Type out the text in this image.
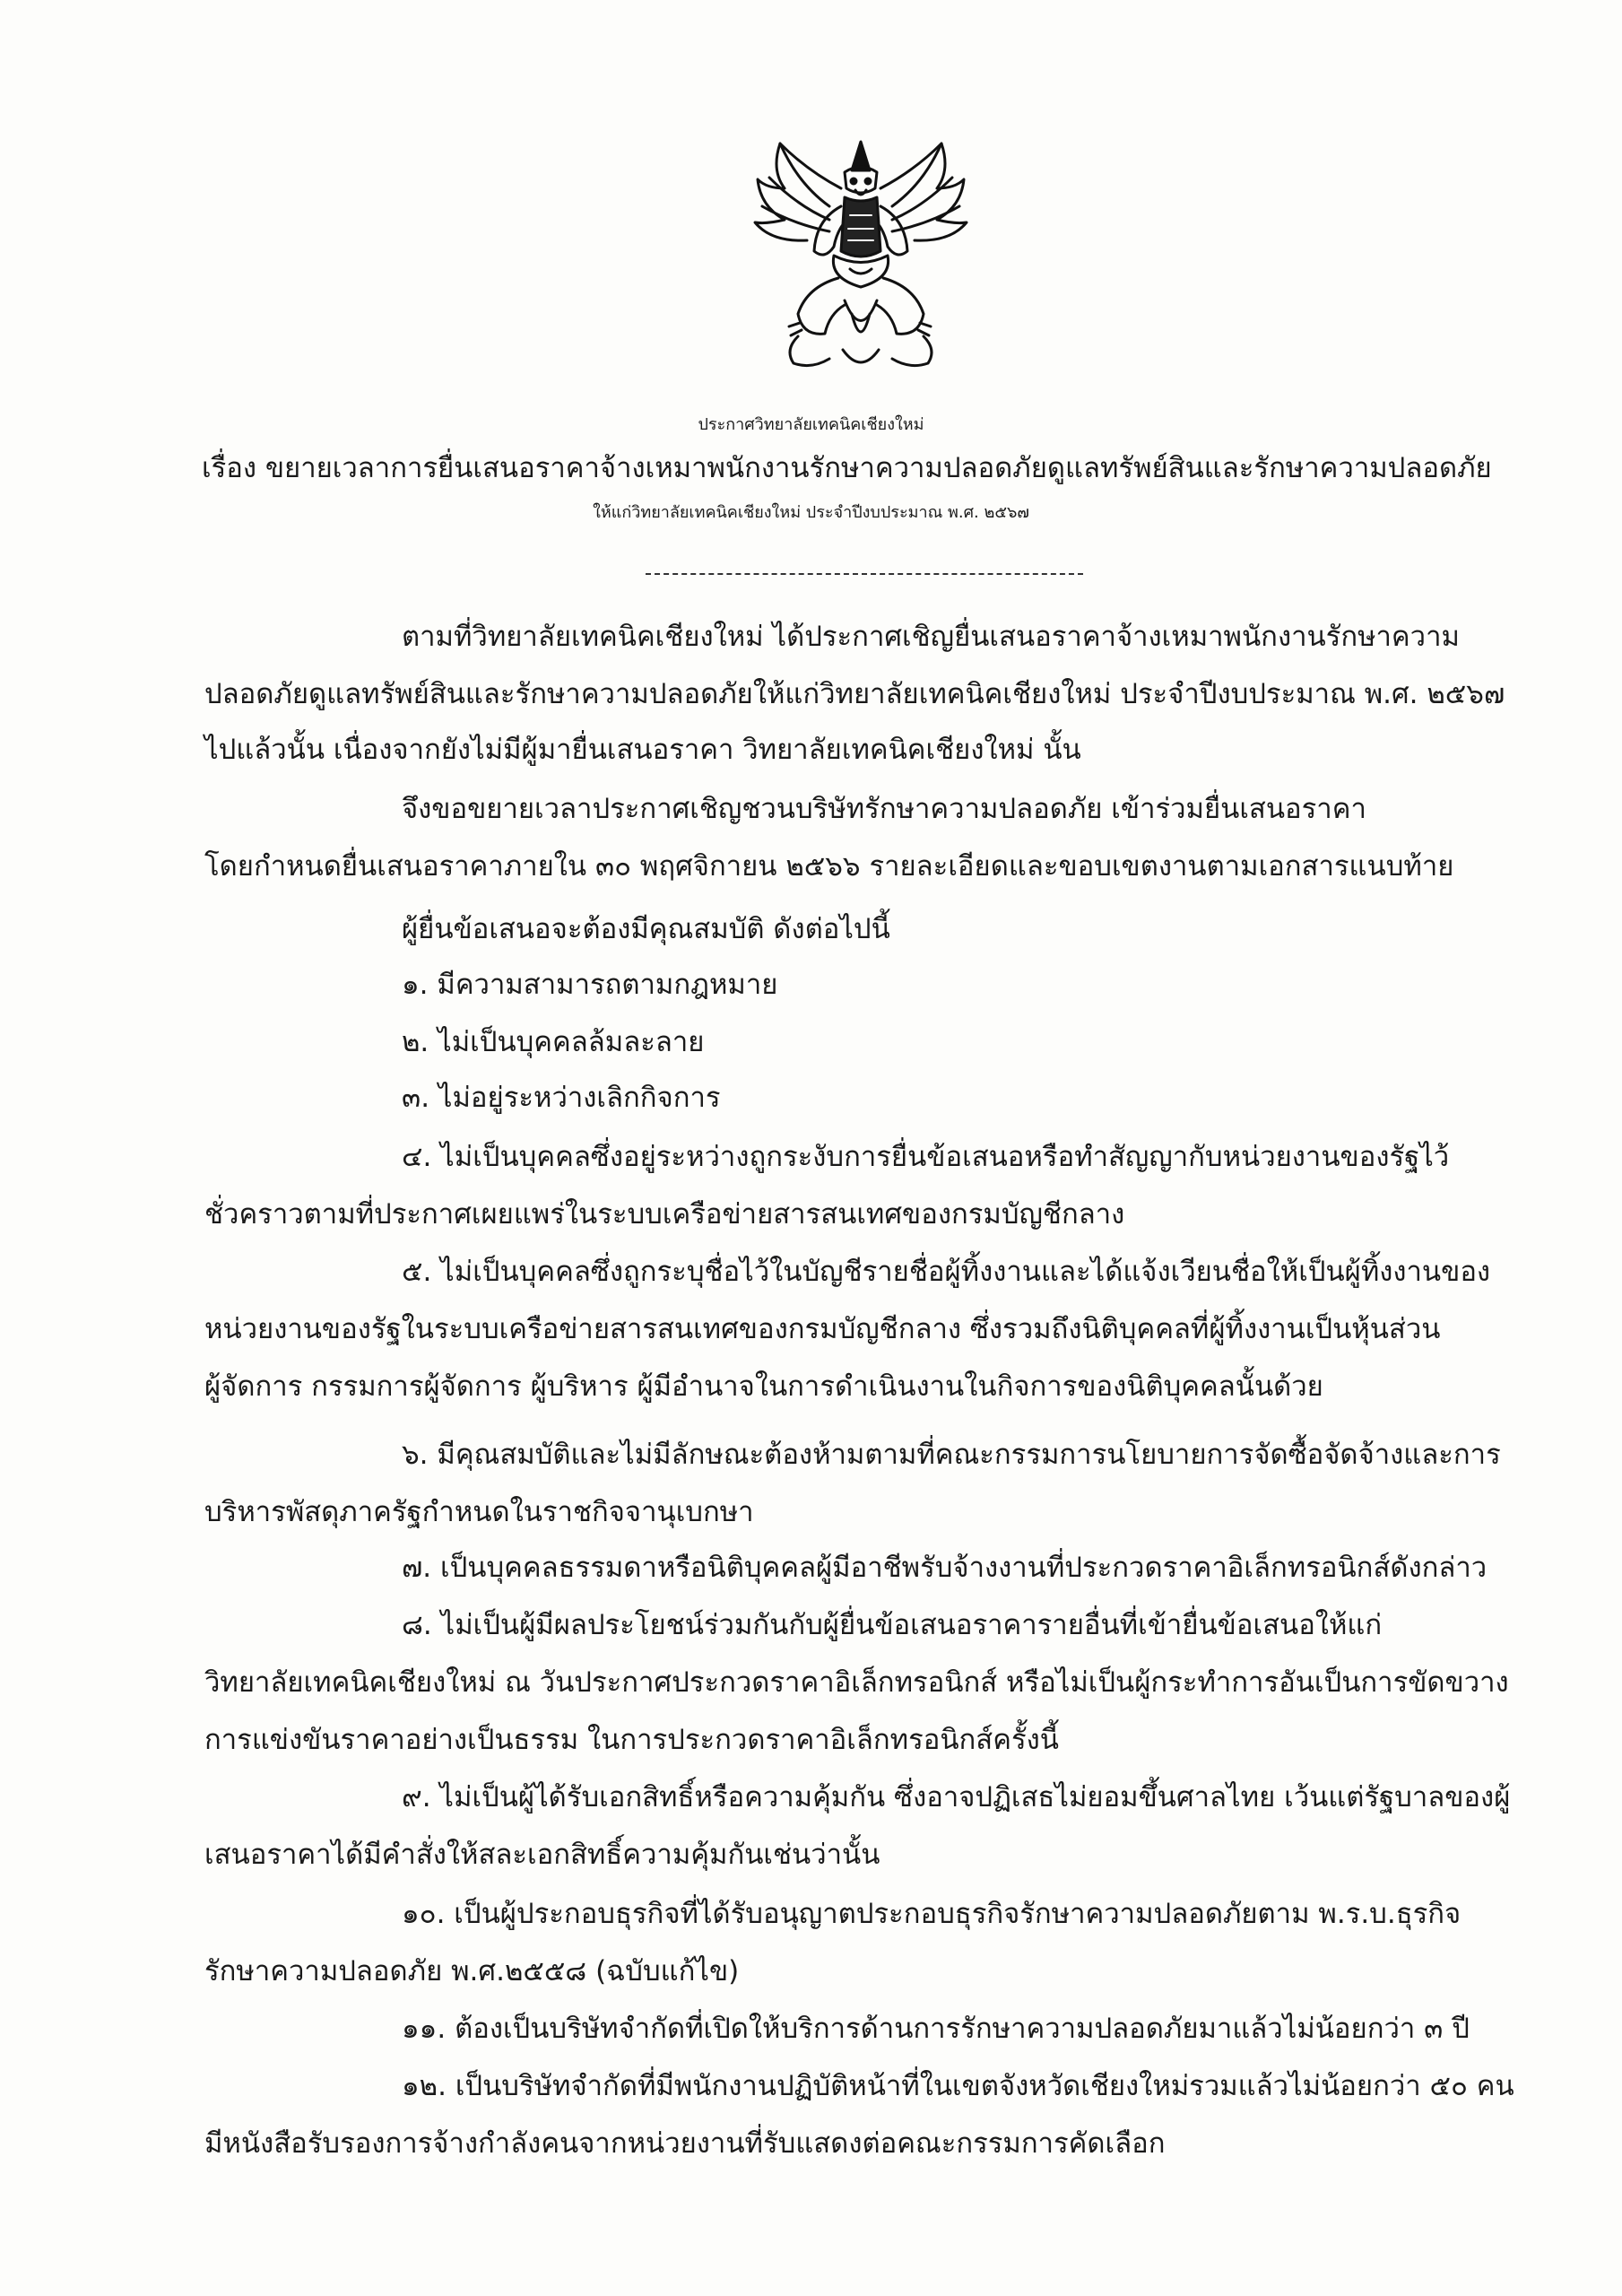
ประกาศวิทยาลัยเทคนิคเชียงใหม่
เรื่อง ขยายเวลาการยื่นเสนอราคาจ้างเหมาพนักงานรักษาความปลอดภัยดูแลทรัพย์สินและรักษาความปลอดภัย
ให้แก่วิทยาลัยเทคนิคเชียงใหม่ ประจำปีงบประมาณ พ.ศ. ๒๕๖๗
ตามที่วิทยาลัยเทคนิคเชียงใหม่ ได้ประกาศเชิญยื่นเสนอราคาจ้างเหมาพนักงานรักษาความ
ปลอดภัยดูแลทรัพย์สินและรักษาความปลอดภัยให้แก่วิทยาลัยเทคนิคเชียงใหม่ ประจำปีงบประมาณ พ.ศ. ๒๕๖๗
ไปแล้วนั้น เนื่องจากยังไม่มีผู้มายื่นเสนอราคา วิทยาลัยเทคนิคเชียงใหม่ นั้น
จึงขอขยายเวลาประกาศเชิญชวนบริษัทรักษาความปลอดภัย เข้าร่วมยื่นเสนอราคา
โดยกำหนดยื่นเสนอราคาภายใน ๓๐ พฤศจิกายน ๒๕๖๖ รายละเอียดและขอบเขตงานตามเอกสารแนบท้าย
ผู้ยื่นข้อเสนอจะต้องมีคุณสมบัติ ดังต่อไปนี้
๑. มีความสามารถตามกฎหมาย
๒. ไม่เป็นบุคคลล้มละลาย
๓. ไม่อยู่ระหว่างเลิกกิจการ
๔. ไม่เป็นบุคคลซึ่งอยู่ระหว่างถูกระงับการยื่นข้อเสนอหรือทำสัญญากับหน่วยงานของรัฐไว้
ชั่วคราวตามที่ประกาศเผยแพร่ในระบบเครือข่ายสารสนเทศของกรมบัญชีกลาง
๕. ไม่เป็นบุคคลซึ่งถูกระบุชื่อไว้ในบัญชีรายชื่อผู้ทิ้งงานและได้แจ้งเวียนชื่อให้เป็นผู้ทิ้งงานของ
หน่วยงานของรัฐในระบบเครือข่ายสารสนเทศของกรมบัญชีกลาง ซึ่งรวมถึงนิติบุคคลที่ผู้ทิ้งงานเป็นหุ้นส่วน
ผู้จัดการ กรรมการผู้จัดการ ผู้บริหาร ผู้มีอำนาจในการดำเนินงานในกิจการของนิติบุคคลนั้นด้วย
๖. มีคุณสมบัติและไม่มีลักษณะต้องห้ามตามที่คณะกรรมการนโยบายการจัดซื้อจัดจ้างและการ
บริหารพัสดุภาครัฐกำหนดในราชกิจจานุเบกษา
๗. เป็นบุคคลธรรมดาหรือนิติบุคคลผู้มีอาชีพรับจ้างงานที่ประกวดราคาอิเล็กทรอนิกส์ดังกล่าว
๘. ไม่เป็นผู้มีผลประโยชน์ร่วมกันกับผู้ยื่นข้อเสนอราคารายอื่นที่เข้ายื่นข้อเสนอให้แก่
วิทยาลัยเทคนิคเชียงใหม่ ณ วันประกาศประกวดราคาอิเล็กทรอนิกส์ หรือไม่เป็นผู้กระทำการอันเป็นการขัดขวาง
การแข่งขันราคาอย่างเป็นธรรม ในการประกวดราคาอิเล็กทรอนิกส์ครั้งนี้
๙. ไม่เป็นผู้ได้รับเอกสิทธิ์หรือความคุ้มกัน ซึ่งอาจปฏิเสธไม่ยอมขึ้นศาลไทย เว้นแต่รัฐบาลของผู้
เสนอราคาได้มีคำสั่งให้สละเอกสิทธิ์ความคุ้มกันเช่นว่านั้น
๑๐. เป็นผู้ประกอบธุรกิจที่ได้รับอนุญาตประกอบธุรกิจรักษาความปลอดภัยตาม พ.ร.บ.ธุรกิจ
รักษาความปลอดภัย พ.ศ.๒๕๕๘ (ฉบับแก้ไข)
๑๑. ต้องเป็นบริษัทจำกัดที่เปิดให้บริการด้านการรักษาความปลอดภัยมาแล้วไม่น้อยกว่า ๓ ปี
๑๒. เป็นบริษัทจำกัดที่มีพนักงานปฏิบัติหน้าที่ในเขตจังหวัดเชียงใหม่รวมแล้วไม่น้อยกว่า ๕๐ คน
มีหนังสือรับรองการจ้างกำลังคนจากหน่วยงานที่รับแสดงต่อคณะกรรมการคัดเลือก
